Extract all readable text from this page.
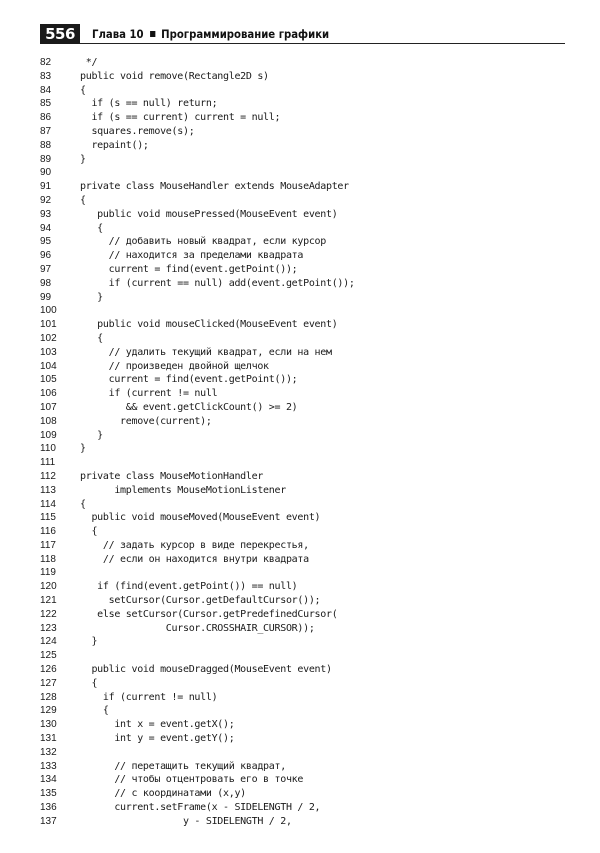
556	Глава 10 Программирование графики
82	*/
83	public void remove(Rectangle2D s)
84	{
85	if (s == null) return;
86	if (s == current) current = null;
87	squares.remove(s);
88	repaint();
89	}
90
91	private class MouseHandler extends MouseAdapter
92	{
93	public void mousePressed(MouseEvent event)
94	{
95	// добавить новый квадрат, если курсор
96	// находится за пределами квадрата
97	current = find(event.getPoint());
98	if (current == null) add(event.getPoint());
99	}
100
101	public void mouseClicked(MouseEvent event)
102	{
103	// удалить текущий квадрат, если на нем
104	// произведен двойной щелчок
105	current = find(event.getPoint());
106	if (current != null
107	&& event.getClickCount() >= 2)
108	remove(current);
109	}
110	}
111
112	private class MouseMotionHandler
113	implements MouseMotionListener
114	{
115	public void mouseMoved(MouseEvent event)
116	{
117	// задать курсор в виде перекрестья,
118	// если он находится внутри квадрата
119
120	if (find(event.getPoint()) == null)
121	setCursor(Cursor.getDefaultCursor());
122	else setCursor(Cursor.getPredefinedCursor(
123	Cursor.CROSSHAIR_CURSOR));
124	}
125
126	public void mouseDragged(MouseEvent event)
127	{
128	if (current != null)
129	{
130	int x = event.getX();
131	int y = event.getY();
132
133	// перетащить текущий квадрат,
134	// чтобы отцентровать его в точке
135	// с координатами (x,y)
136	current.setFrame(x - SIDELENGTH / 2,
137	y - SIDELENGTH / 2,
